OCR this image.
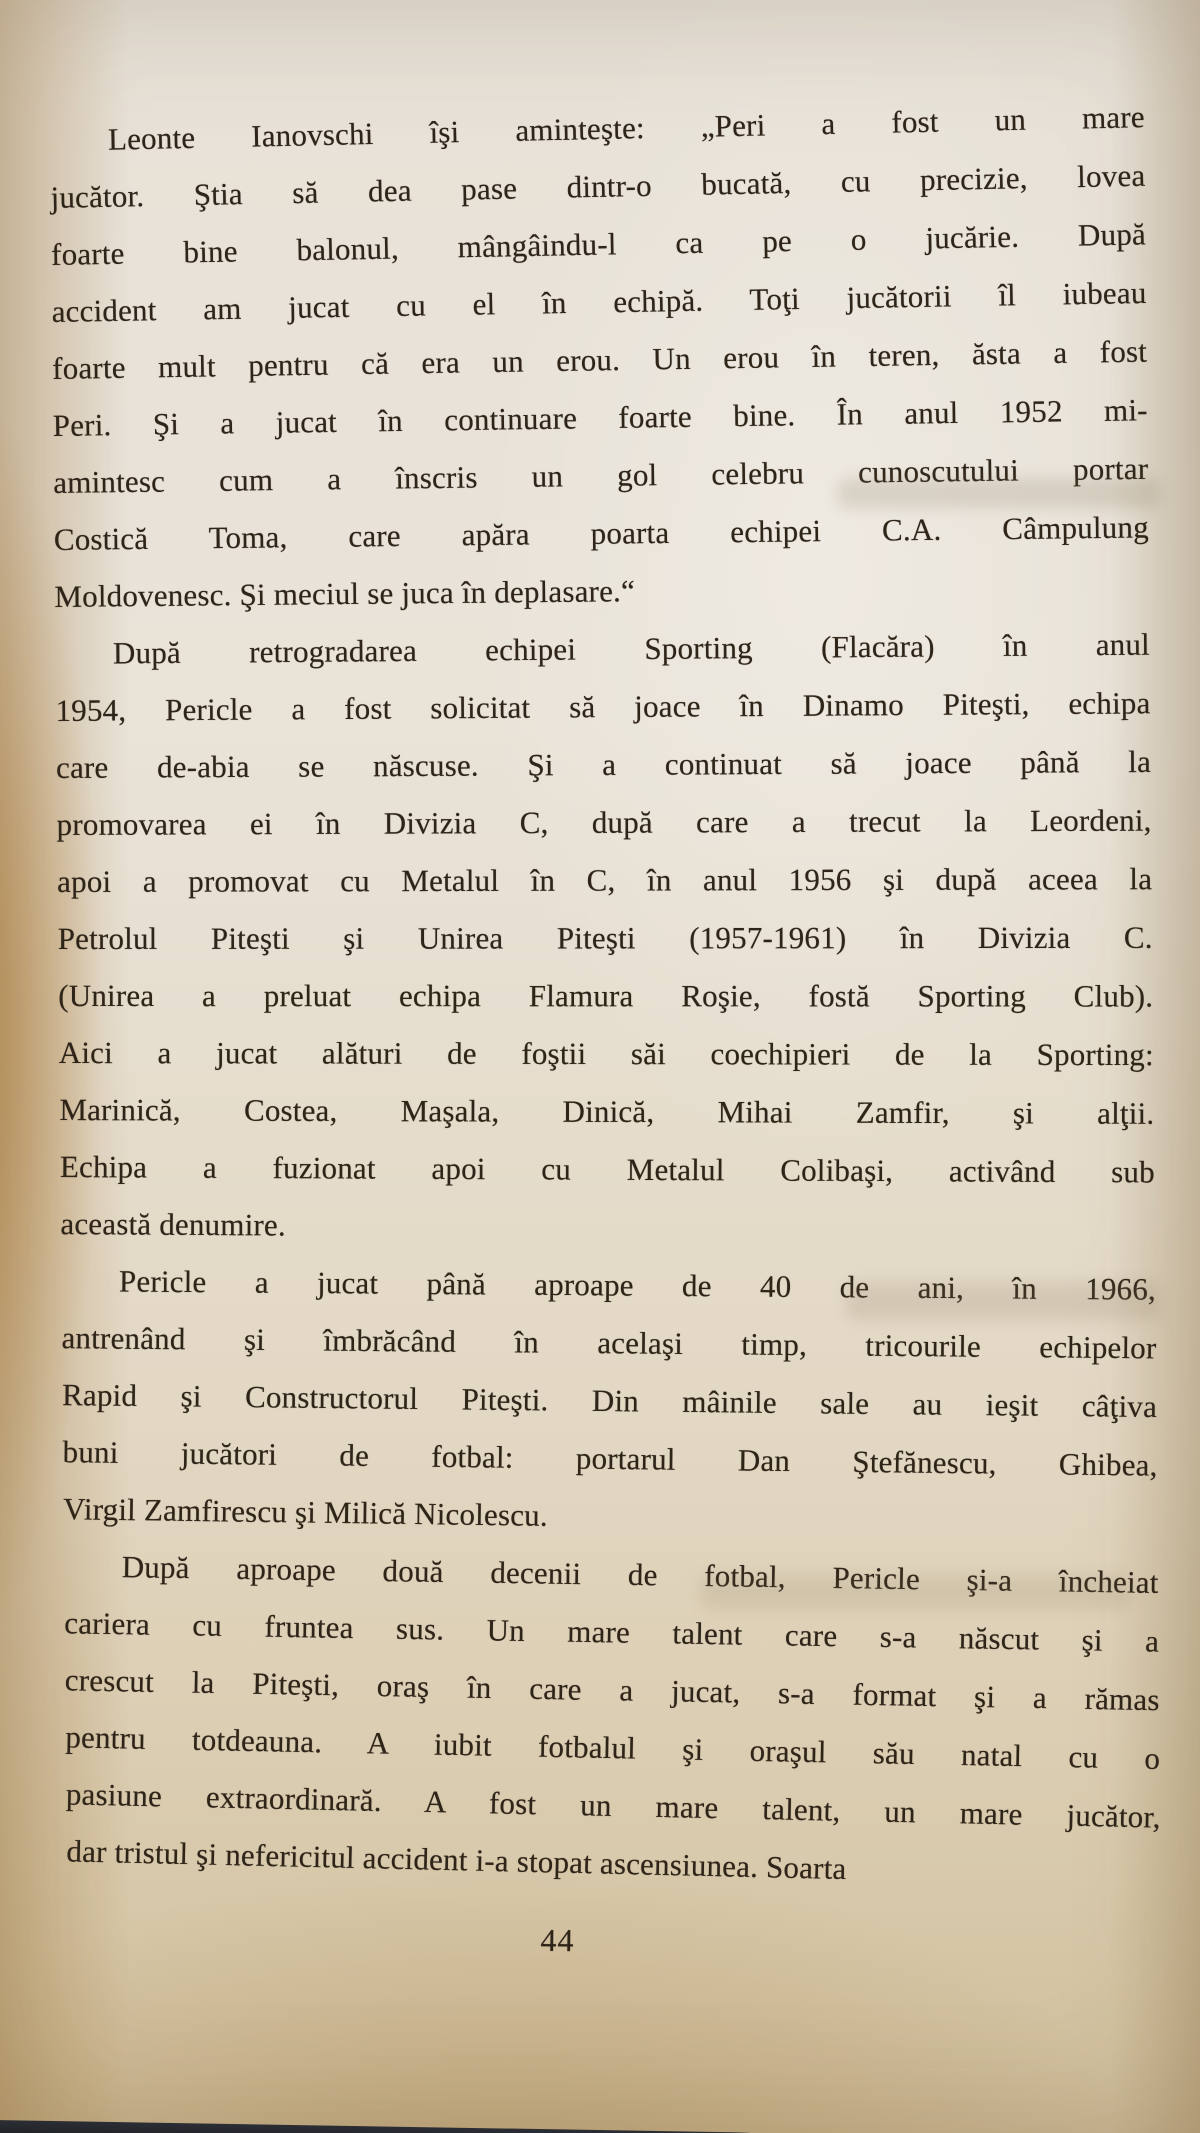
Leonte Ianovschi îşi aminteşte: „Peri a fost un mare
jucător. Ştia să dea pase dintr-o bucată, cu precizie, lovea
foarte bine balonul, mângâindu-l ca pe o jucărie. După
accident am jucat cu el în echipă. Toţi jucătorii îl iubeau
foarte mult pentru că era un erou. Un erou în teren, ăsta a fost
Peri. Şi a jucat în continuare foarte bine. În anul 1952 mi-
amintesc cum a înscris un gol celebru cunoscutului portar
Costică Toma, care apăra poarta echipei C.A. Câmpulung
Moldovenesc. Şi meciul se juca în deplasare.“
După retrogradarea echipei Sporting (Flacăra) în anul
1954, Pericle a fost solicitat să joace în Dinamo Piteşti, echipa
care de-abia se născuse. Şi a continuat să joace până la
promovarea ei în Divizia C, după care a trecut la Leordeni,
apoi a promovat cu Metalul în C, în anul 1956 şi după aceea la
Petrolul Piteşti şi Unirea Piteşti (1957-1961) în Divizia C.
(Unirea a preluat echipa Flamura Roşie, fostă Sporting Club).
Aici a jucat alături de foştii săi coechipieri de la Sporting:
Marinică, Costea, Maşala, Dinică, Mihai Zamfir, şi alţii.
Echipa a fuzionat apoi cu Metalul Colibaşi, activând sub
această denumire.
Pericle a jucat până aproape de 40 de ani, în 1966,
antrenând şi îmbrăcând în acelaşi timp, tricourile echipelor
Rapid şi Constructorul Piteşti. Din mâinile sale au ieşit câţiva
buni jucători de fotbal: portarul Dan Ştefănescu, Ghibea,
Virgil Zamfirescu şi Milică Nicolescu.
După aproape două decenii de fotbal, Pericle şi-a încheiat
cariera cu fruntea sus. Un mare talent care s-a născut şi a
crescut la Piteşti, oraş în care a jucat, s-a format şi a rămas
pentru totdeauna. A iubit fotbalul şi oraşul său natal cu o
pasiune extraordinară. A fost un mare talent, un mare jucător,
dar tristul şi nefericitul accident i-a stopat ascensiunea. Soarta
44
